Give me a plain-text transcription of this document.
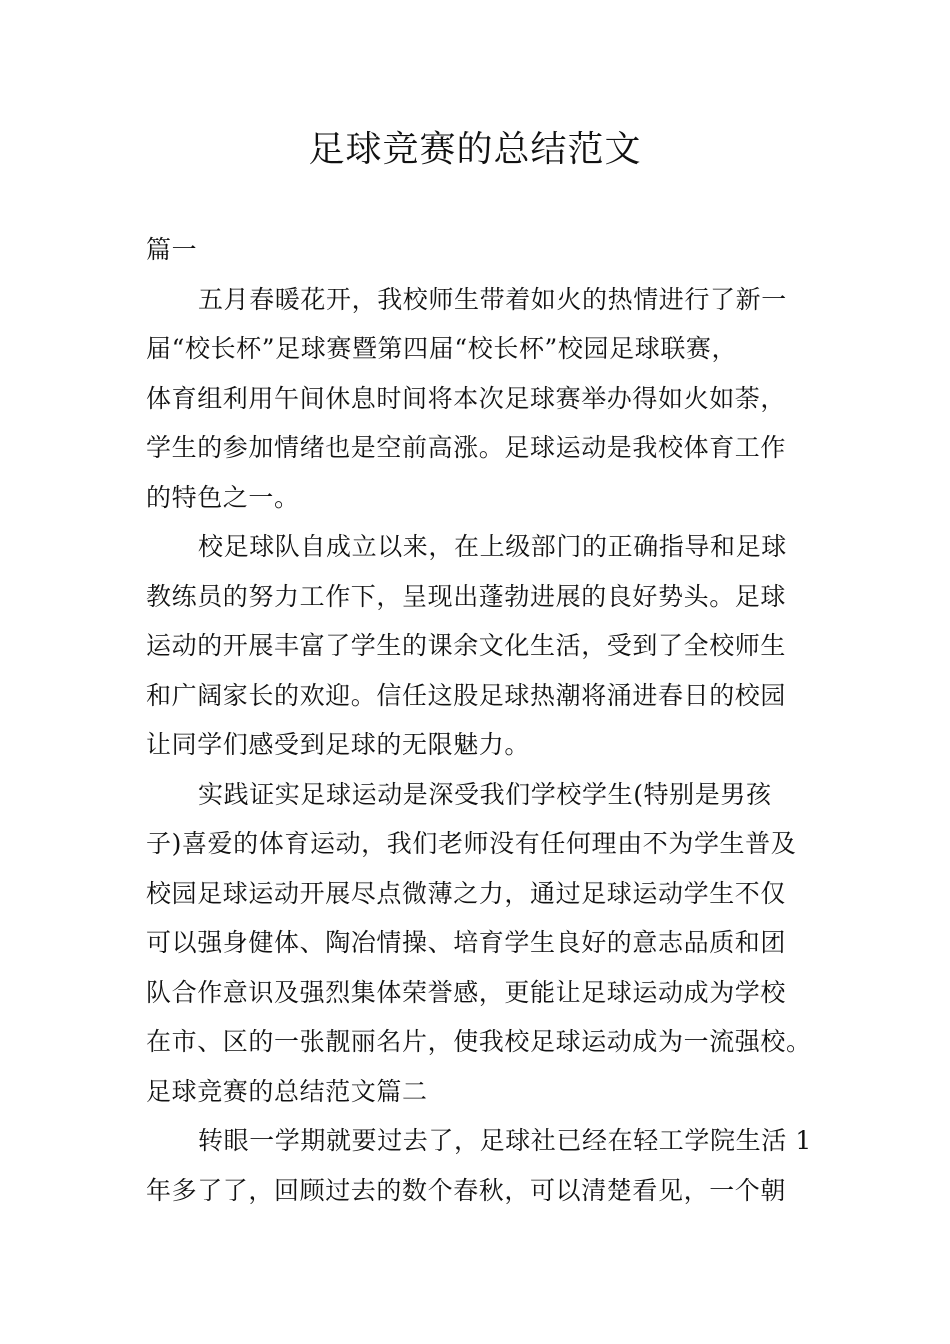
足球竞赛的总结范文
篇一
五月春暖花开，我校师生带着如火的热情进行了新一
届“校长杯”足球赛暨第四届“校长杯”校园足球联赛，
体育组利用午间休息时间将本次足球赛举办得如火如荼，
学生的参加情绪也是空前高涨。足球运动是我校体育工作
的特色之一。
校足球队自成立以来，在上级部门的正确指导和足球
教练员的努力工作下，呈现出蓬勃进展的良好势头。足球
运动的开展丰富了学生的课余文化生活，受到了全校师生
和广阔家长的欢迎。信任这股足球热潮将涌进春日的校园
让同学们感受到足球的无限魅力。
实践证实足球运动是深受我们学校学生(特别是男孩
子)喜爱的体育运动，我们老师没有任何理由不为学生普及
校园足球运动开展尽点微薄之力，通过足球运动学生不仅
可以强身健体、陶冶情操、培育学生良好的意志品质和团
队合作意识及强烈集体荣誉感，更能让足球运动成为学校
在市、区的一张靓丽名片，使我校足球运动成为一流强校。
足球竞赛的总结范文篇二
转眼一学期就要过去了，足球社已经在轻工学院生活 1
年多了了，回顾过去的数个春秋，可以清楚看见，一个朝
